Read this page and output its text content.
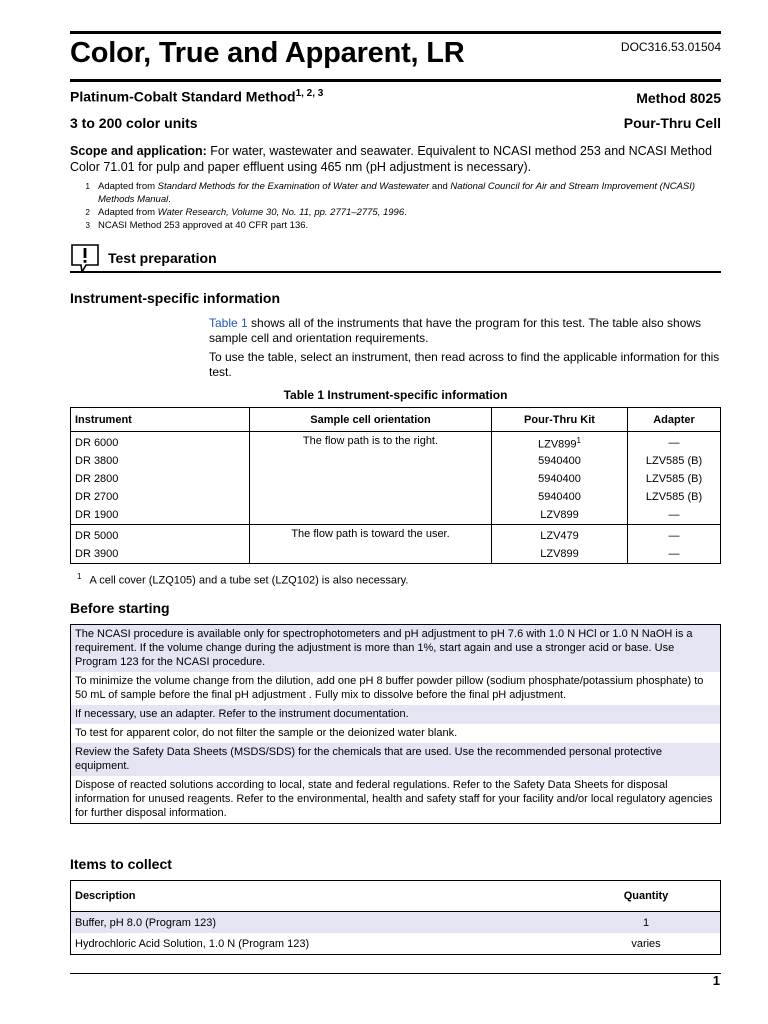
Color, True and Apparent, LR	DOC316.53.01504
Platinum-Cobalt Standard Method$^{1, 2, 3}$	Method 8025
3 to 200 color units	Pour-Thru Cell
Scope and application: For water, wastewater and seawater. Equivalent to NCASI method 253 and NCASI Method Color 71.01 for pulp and paper effluent using 465 nm (pH adjustment is necessary).
1 Adapted from Standard Methods for the Examination of Water and Wastewater and National Council for Air and Stream Improvement (NCASI) Methods Manual.
2 Adapted from Water Research, Volume 30, No. 11, pp. 2771–2775, 1996.
3 NCASI Method 253 approved at 40 CFR part 136.
Test preparation
Instrument-specific information
Table 1 shows all of the instruments that have the program for this test. The table also shows sample cell and orientation requirements.
To use the table, select an instrument, then read across to find the applicable information for this test.
Table 1 Instrument-specific information
Instrument	Sample cell orientation	Pour-Thru Kit	Adapter
DR 6000	The flow path is to the right.	$LZV899^1$	—
DR 3800		5940400	LZV585 (B)
DR 2800		5940400	LZV585 (B)
DR 2700		5940400	LZV585 (B)
DR 1900		LZV899	—
DR 5000	The flow path is toward the user.	LZV479	—
DR 3900		LZV899	—
$^1$ A cell cover (LZQ105) and a tube set (LZQ102) is also necessary.
Before starting
The NCASI procedure is available only for spectrophotometers and pH adjustment to pH 7.6 with 1.0 N HCl or 1.0 N NaOH is a requirement. If the volume change during the adjustment is more than 1%, start again and use a stronger acid or base. Use Program 123 for the NCASI procedure.
To minimize the volume change from the dilution, add one pH 8 buffer powder pillow (sodium phosphate/potassium phosphate) to 50 mL of sample before the final pH adjustment . Fully mix to dissolve before the final pH adjustment.
If necessary, use an adapter. Refer to the instrument documentation.
To test for apparent color, do not filter the sample or the deionized water blank.
Review the Safety Data Sheets (MSDS/SDS) for the chemicals that are used. Use the recommended personal protective equipment.
Dispose of reacted solutions according to local, state and federal regulations. Refer to the Safety Data Sheets for disposal information for unused reagents. Refer to the environmental, health and safety staff for your facility and/or local regulatory agencies for further disposal information.
Items to collect
Description	Quantity
Buffer, pH 8.0 (Program 123)	1
Hydrochloric Acid Solution, 1.0 N (Program 123)	varies
1
